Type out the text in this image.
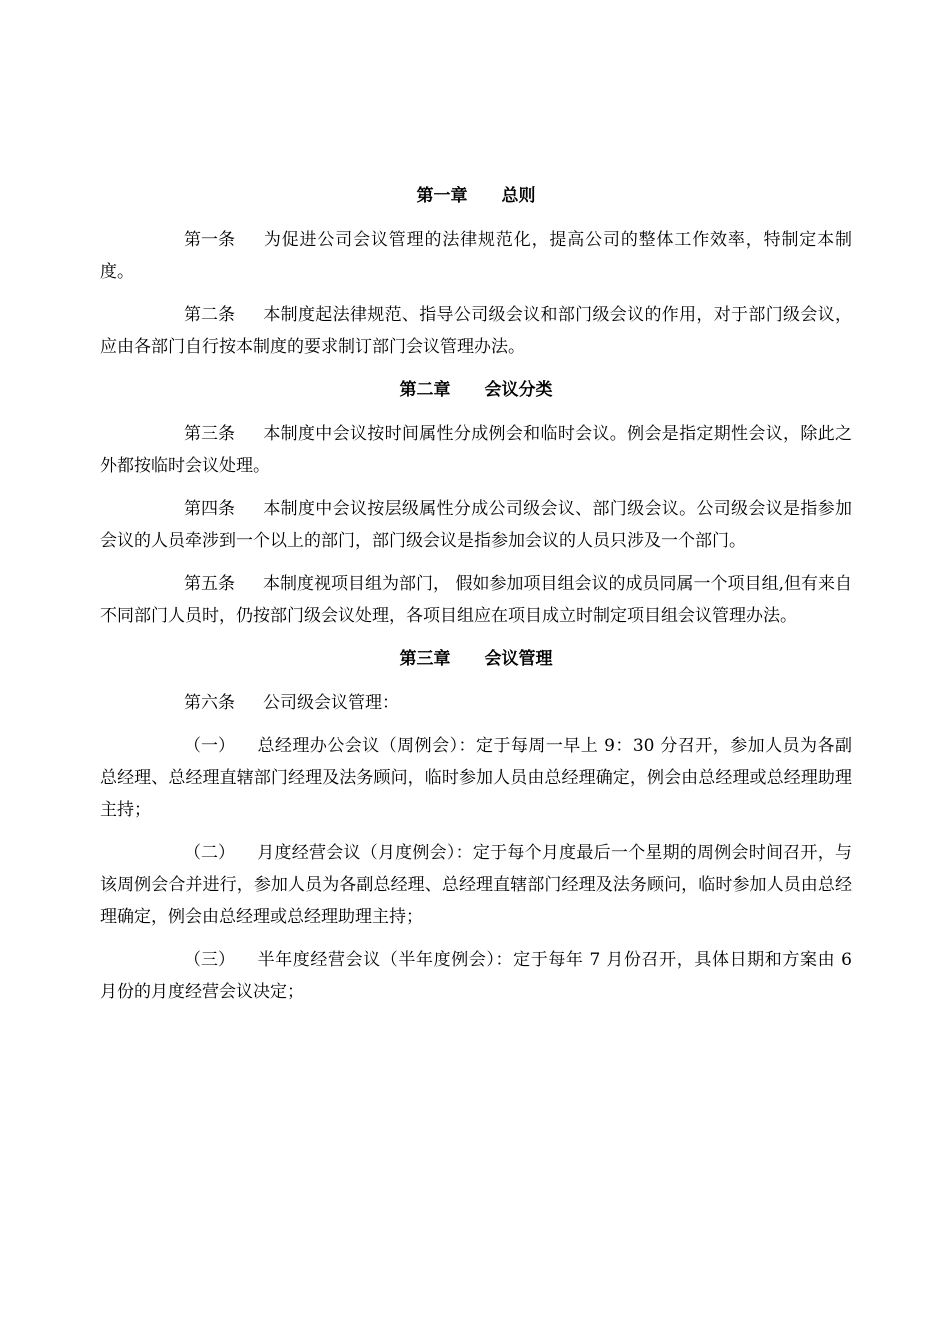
第一章 总则

第一条 为促进公司会议管理的法律规范化，提高公司的整体工作效率，特制定本制度。

第二条 本制度起法律规范、指导公司级会议和部门级会议的作用，对于部门级会议，应由各部门自行按本制度的要求制订部门会议管理办法。

第二章 会议分类

第三条 本制度中会议按时间属性分成例会和临时会议。例会是指定期性会议，除此之外都按临时会议处理。

第四条 本制度中会议按层级属性分成公司级会议、部门级会议。公司级会议是指参加会议的人员牵涉到一个以上的部门，部门级会议是指参加会议的人员只涉及一个部门。

第五条 本制度视项目组为部门， 假如参加项目组会议的成员同属一个项目组,但有来自不同部门人员时，仍按部门级会议处理，各项目组应在项目成立时制定项目组会议管理办法。

第三章 会议管理

第六条 公司级会议管理：

（一） 总经理办公会议（周例会）：定于每周一早上 9：30 分召开，参加人员为各副总经理、总经理直辖部门经理及法务顾问，临时参加人员由总经理确定，例会由总经理或总经理助理主持；

（二） 月度经营会议（月度例会）：定于每个月度最后一个星期的周例会时间召开，与该周例会合并进行，参加人员为各副总经理、总经理直辖部门经理及法务顾问，临时参加人员由总经理确定，例会由总经理或总经理助理主持；

（三） 半年度经营会议（半年度例会）：定于每年 7 月份召开，具体日期和方案由 6 月份的月度经营会议决定；
